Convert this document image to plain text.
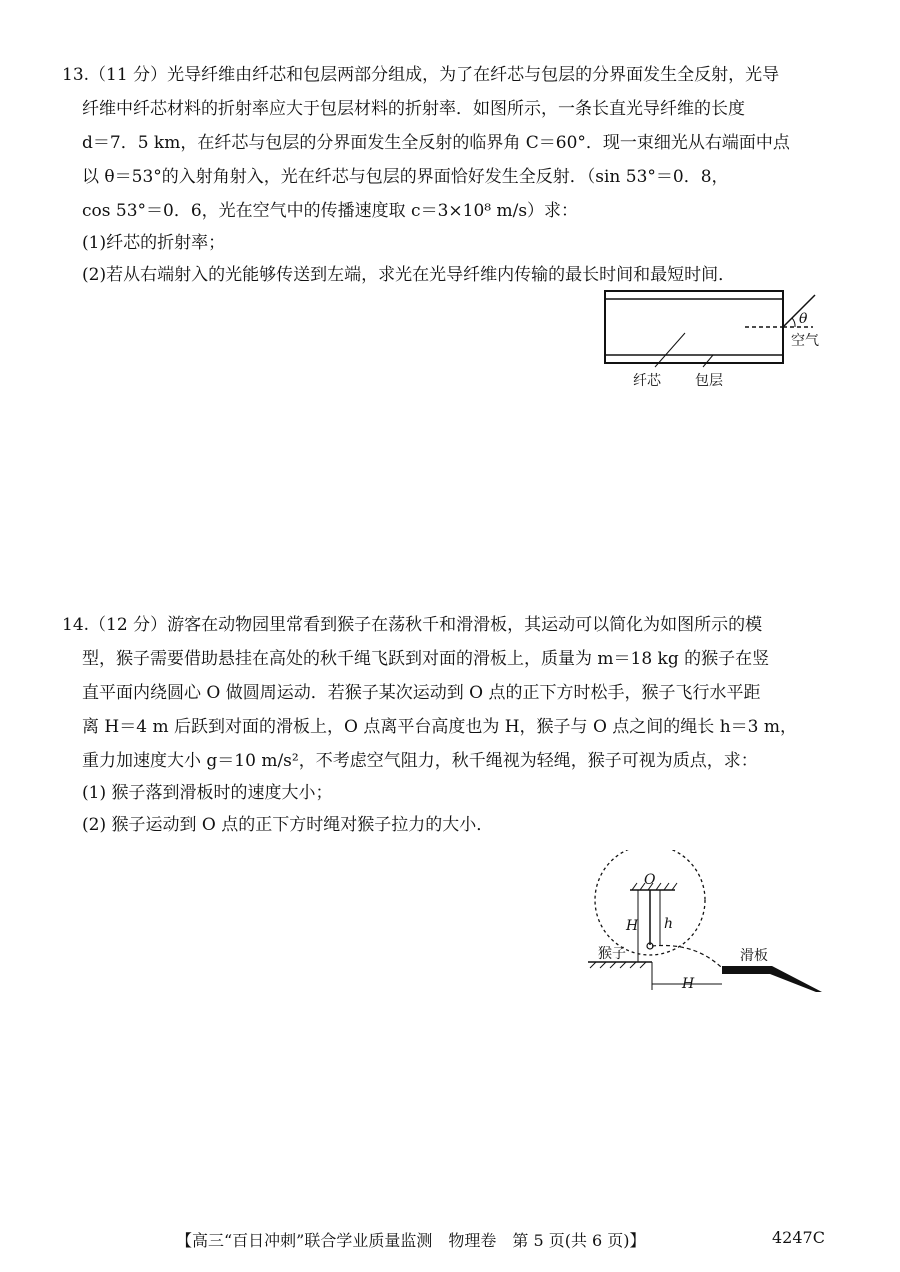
13.（11 分）光导纤维由纤芯和包层两部分组成，为了在纤芯与包层的分界面发生全反射，光导
纤维中纤芯材料的折射率应大于包层材料的折射率．如图所示，一条长直光导纤维的长度
d＝7．5 km，在纤芯与包层的分界面发生全反射的临界角 C＝60°．现一束细光从右端面中点
以 θ＝53°的入射角射入，光在纤芯与包层的界面恰好发生全反射．（sin 53°＝0．8，
cos 53°＝0．6，光在空气中的传播速度取 c＝3×10⁸ m/s）求：
(1)纤芯的折射率；
(2)若从右端射入的光能够传送到左端，求光在光导纤维内传输的最长时间和最短时间．
θ
空气
纤芯 包层
14.（12 分）游客在动物园里常看到猴子在荡秋千和滑滑板，其运动可以简化为如图所示的模
型，猴子需要借助悬挂在高处的秋千绳飞跃到对面的滑板上，质量为 m＝18 kg 的猴子在竖
直平面内绕圆心 O 做圆周运动．若猴子某次运动到 O 点的正下方时松手，猴子飞行水平距
离 H＝4 m 后跃到对面的滑板上，O 点离平台高度也为 H，猴子与 O 点之间的绳长 h＝3 m，
重力加速度大小 g＝10 m/s²，不考虑空气阻力，秋千绳视为轻绳，猴子可视为质点，求：
(1) 猴子落到滑板时的速度大小；
(2) 猴子运动到 O 点的正下方时绳对猴子拉力的大小．
O
H h
猴子	滑板
H
【高三“百日冲刺”联合学业质量监测　物理卷　第 5 页(共 6 页)】	4247C
